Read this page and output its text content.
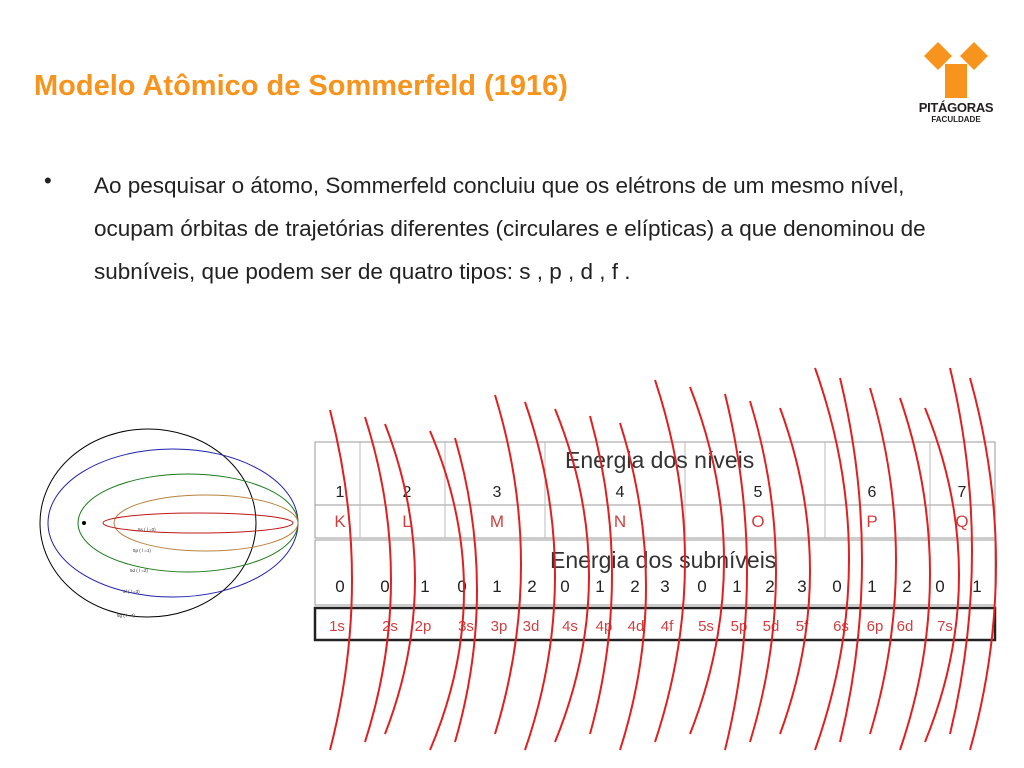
Modelo Atômico de Sommerfeld (1916)
PITÁGORAS
FACULDADE
• Ao pesquisar o átomo, Sommerfeld concluiu que os elétrons de um mesmo nível, ocupam órbitas de trajetórias diferentes (circulares e elípticas) a que denominou de subníveis, que podem ser de quatro tipos: s , p , d , f .
5s ( l =0)
5p ( l =1)
5d ( l =2)
5f ( l =3)
5g ( l =4)
Energia dos níveis
Energia dos subníveis
1	2	3	4	5	6	7
K	L	M	N	O	P	Q
0 0 1 0 1 2 0 1 2 3 0 1 2 3 0 1 2 0 1
1s 2s 2p 3s 3p 3d 4s 4p 4d 4f 5s 5p 5d 5f 6s 6p 6d 7s
